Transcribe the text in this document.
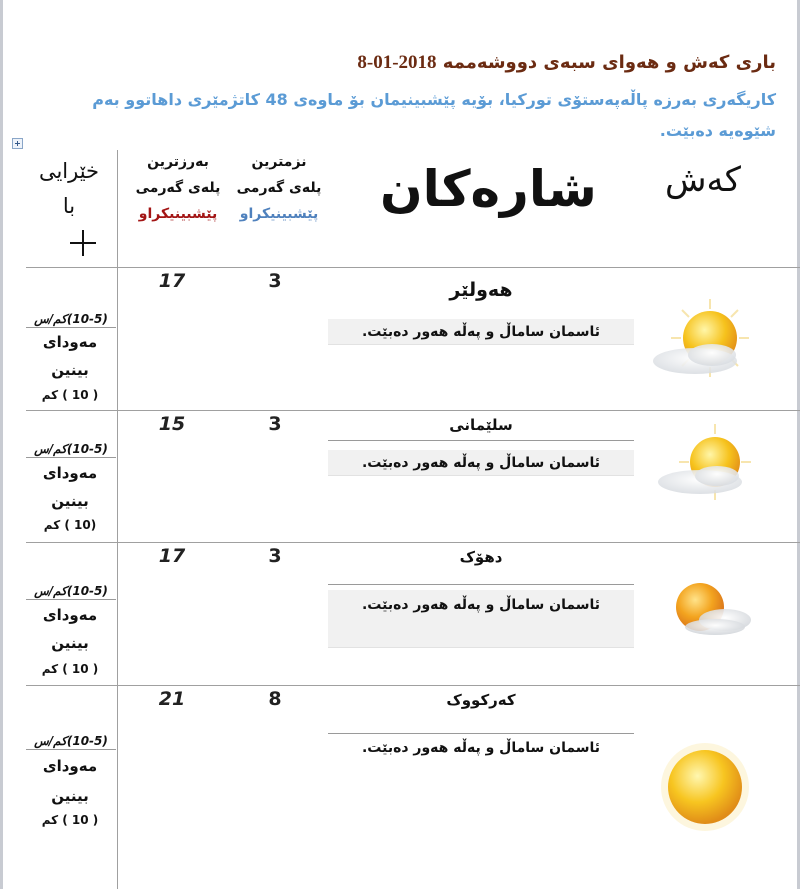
باری کەش و هەوای سبەی دووشەممە 2018-01-8
کاریگەری بەرزە پاڵەپەستۆی تورکیا، بۆیە پێشبینیمان بۆ ماوەی 48 کاتژمێری داهاتوو بەم شێوەیە دەبێت.
کەش
شارەکان
نزمترین
پلەی گەرمی
پێشبینیکراو
بەرزترین
پلەی گەرمی
پێشبینیکراو
خێرایی
با
17	3	هەولێر
ئاسمان ساماڵ و پەڵە هەور دەبێت.
(10-5)کم/س
مەودای
بینین
( 10 ) کم
15	3	سلێمانی
ئاسمان ساماڵ و پەڵە هەور دەبێت.
(10-5)کم/س
مەودای
بینین
(10 ) کم
17	3	دهۆک
ئاسمان ساماڵ و پەڵە هەور دەبێت.
(10-5)کم/س
مەودای
بینین
( 10 ) کم
21	8	کەرکووک
ئاسمان ساماڵ و پەڵە هەور دەبێت.
(10-5)کم/س
مەودای
بینین
( 10 ) کم
